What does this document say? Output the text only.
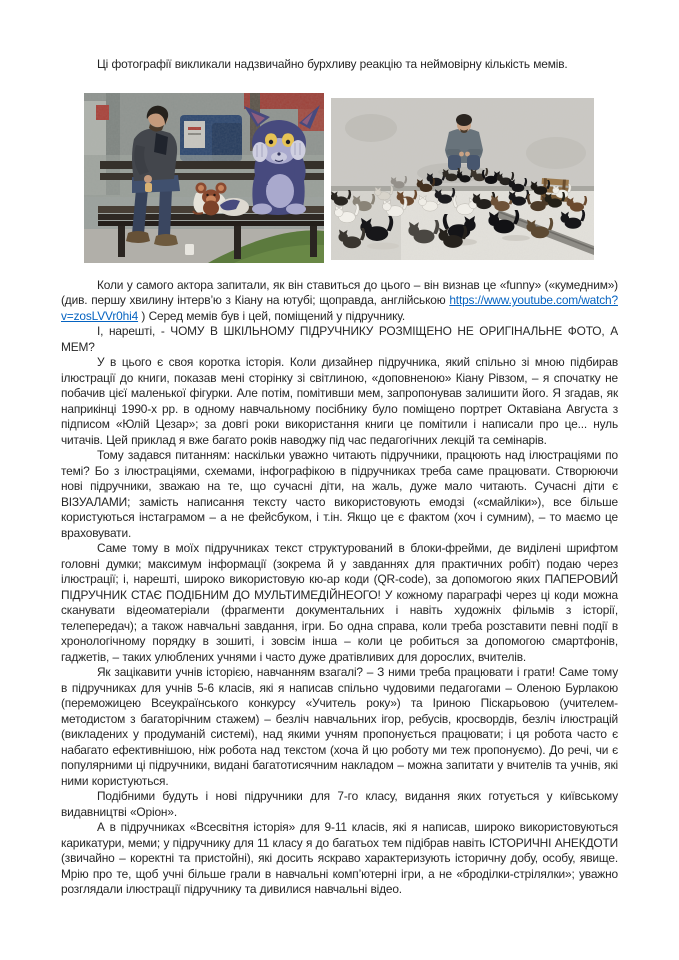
Ці фотографії викликали надзвичайно бурхливу реакцію та неймовірну кількість мемів.

Коли у самого актора запитали, як він ставиться до цього – він визнав це «funny» («кумедним») (див. першу хвилину інтерв’ю з Кіану на ютубі; щоправда, англійською https://www.youtube.com/watch?v=zosLVVr0hi4 ) Серед мемів був і цей, поміщений у підручнику.

І, нарешті, - ЧОМУ В ШКІЛЬНОМУ ПІДРУЧНИКУ РОЗМІЩЕНО НЕ ОРИГІНАЛЬНЕ ФОТО, А МЕМ?

У в цього є своя коротка історія. Коли дизайнер підручника, який спільно зі мною підбирав ілюстрації до книги, показав мені сторінку зі світлиною, «доповненою» Кіану Рівзом, – я спочатку не побачив цієї маленької фігурки. Але потім, помітивши мем, запропонував залишити його. Я згадав, як наприкінці 1990-х рр. в одному навчальному посібнику було поміщено портрет Октавіана Августа з підписом «Юлій Цезар»; за довгі роки використання книги це помітили і написали про це... нуль читачів. Цей приклад я вже багато років наводжу під час педагогічних лекцій та семінарів.

Тому задався питанням: наскільки уважно читають підручники, працюють над ілюстраціями по темі? Бо з ілюстраціями, схемами, інфографікою в підручниках треба саме працювати. Створюючи нові підручники, зважаю на те, що сучасні діти, на жаль, дуже мало читають. Сучасні діти є ВІЗУАЛАМИ; замість написання тексту часто використовують емодзі («смайліки»), все більше користуються інстаграмом – а не фейсбуком, і т.ін. Якщо це є фактом (хоч і сумним), – то маємо це враховувати.

Саме тому в моїх підручниках текст структурований в блоки-фрейми, де виділені шрифтом головні думки; максимум інформації (зокрема й у завданнях для практичних робіт) подаю через ілюстрації; і, нарешті, широко використовую кю-ар коди (QR-code), за допомогою яких ПАПЕРОВИЙ ПІДРУЧНИК СТАЄ ПОДІБНИМ ДО МУЛЬТИМЕДІЙНЕОГО! У кожному параграфі через ці коди можна сканувати відеоматеріали (фрагменти документальних і навіть художніх фільмів з історії, телепередач); а також навчальні завдання, ігри. Бо одна справа, коли треба розставити певні події в хронологічному порядку в зошиті, і зовсім інша – коли це робиться за допомогою смартфонів, гаджетів, – таких улюблених учнями і часто дуже дратівливих для дорослих, вчителів.

Як зацікавити учнів історією, навчанням взагалі? – З ними треба працювати і грати! Саме тому в підручниках для учнів 5-6 класів, які я написав спільно чудовими педагогами – Оленою Бурлакою (переможицею Всеукраїнського конкурсу «Учитель року») та Іриною Піскарьовою (учителем-методистом з багаторічним стажем) – безліч навчальних ігор, ребусів, кросвордів, безліч ілюстрацій (викладених у продуманій системі), над якими учням пропонується працювати; і ця робота часто є набагато ефективнішою, ніж робота над текстом (хоча й цю роботу ми теж пропонуємо). До речі, чи є популярними ці підручники, видані багатотисячним накладом – можна запитати у вчителів та учнів, які ними користуються.

Подібними будуть і нові підручники для 7-го класу, видання яких готується у київському видавництві «Оріон».

А в підручниках «Всесвітня історія» для 9-11 класів, які я написав, широко використовуються карикатури, меми; у підручнику для 11 класу я до багатьох тем підібрав навіть ІСТОРИЧНІ АНЕКДОТИ (звичайно – коректні та пристойні), які досить яскраво характеризують історичну добу, особу, явище. Мрію про те, щоб учні більше грали в навчальні комп’ютерні ігри, а не «броділки-стрілялки»; уважно розглядали ілюстрації підручнику та дивилися навчальні відео.
